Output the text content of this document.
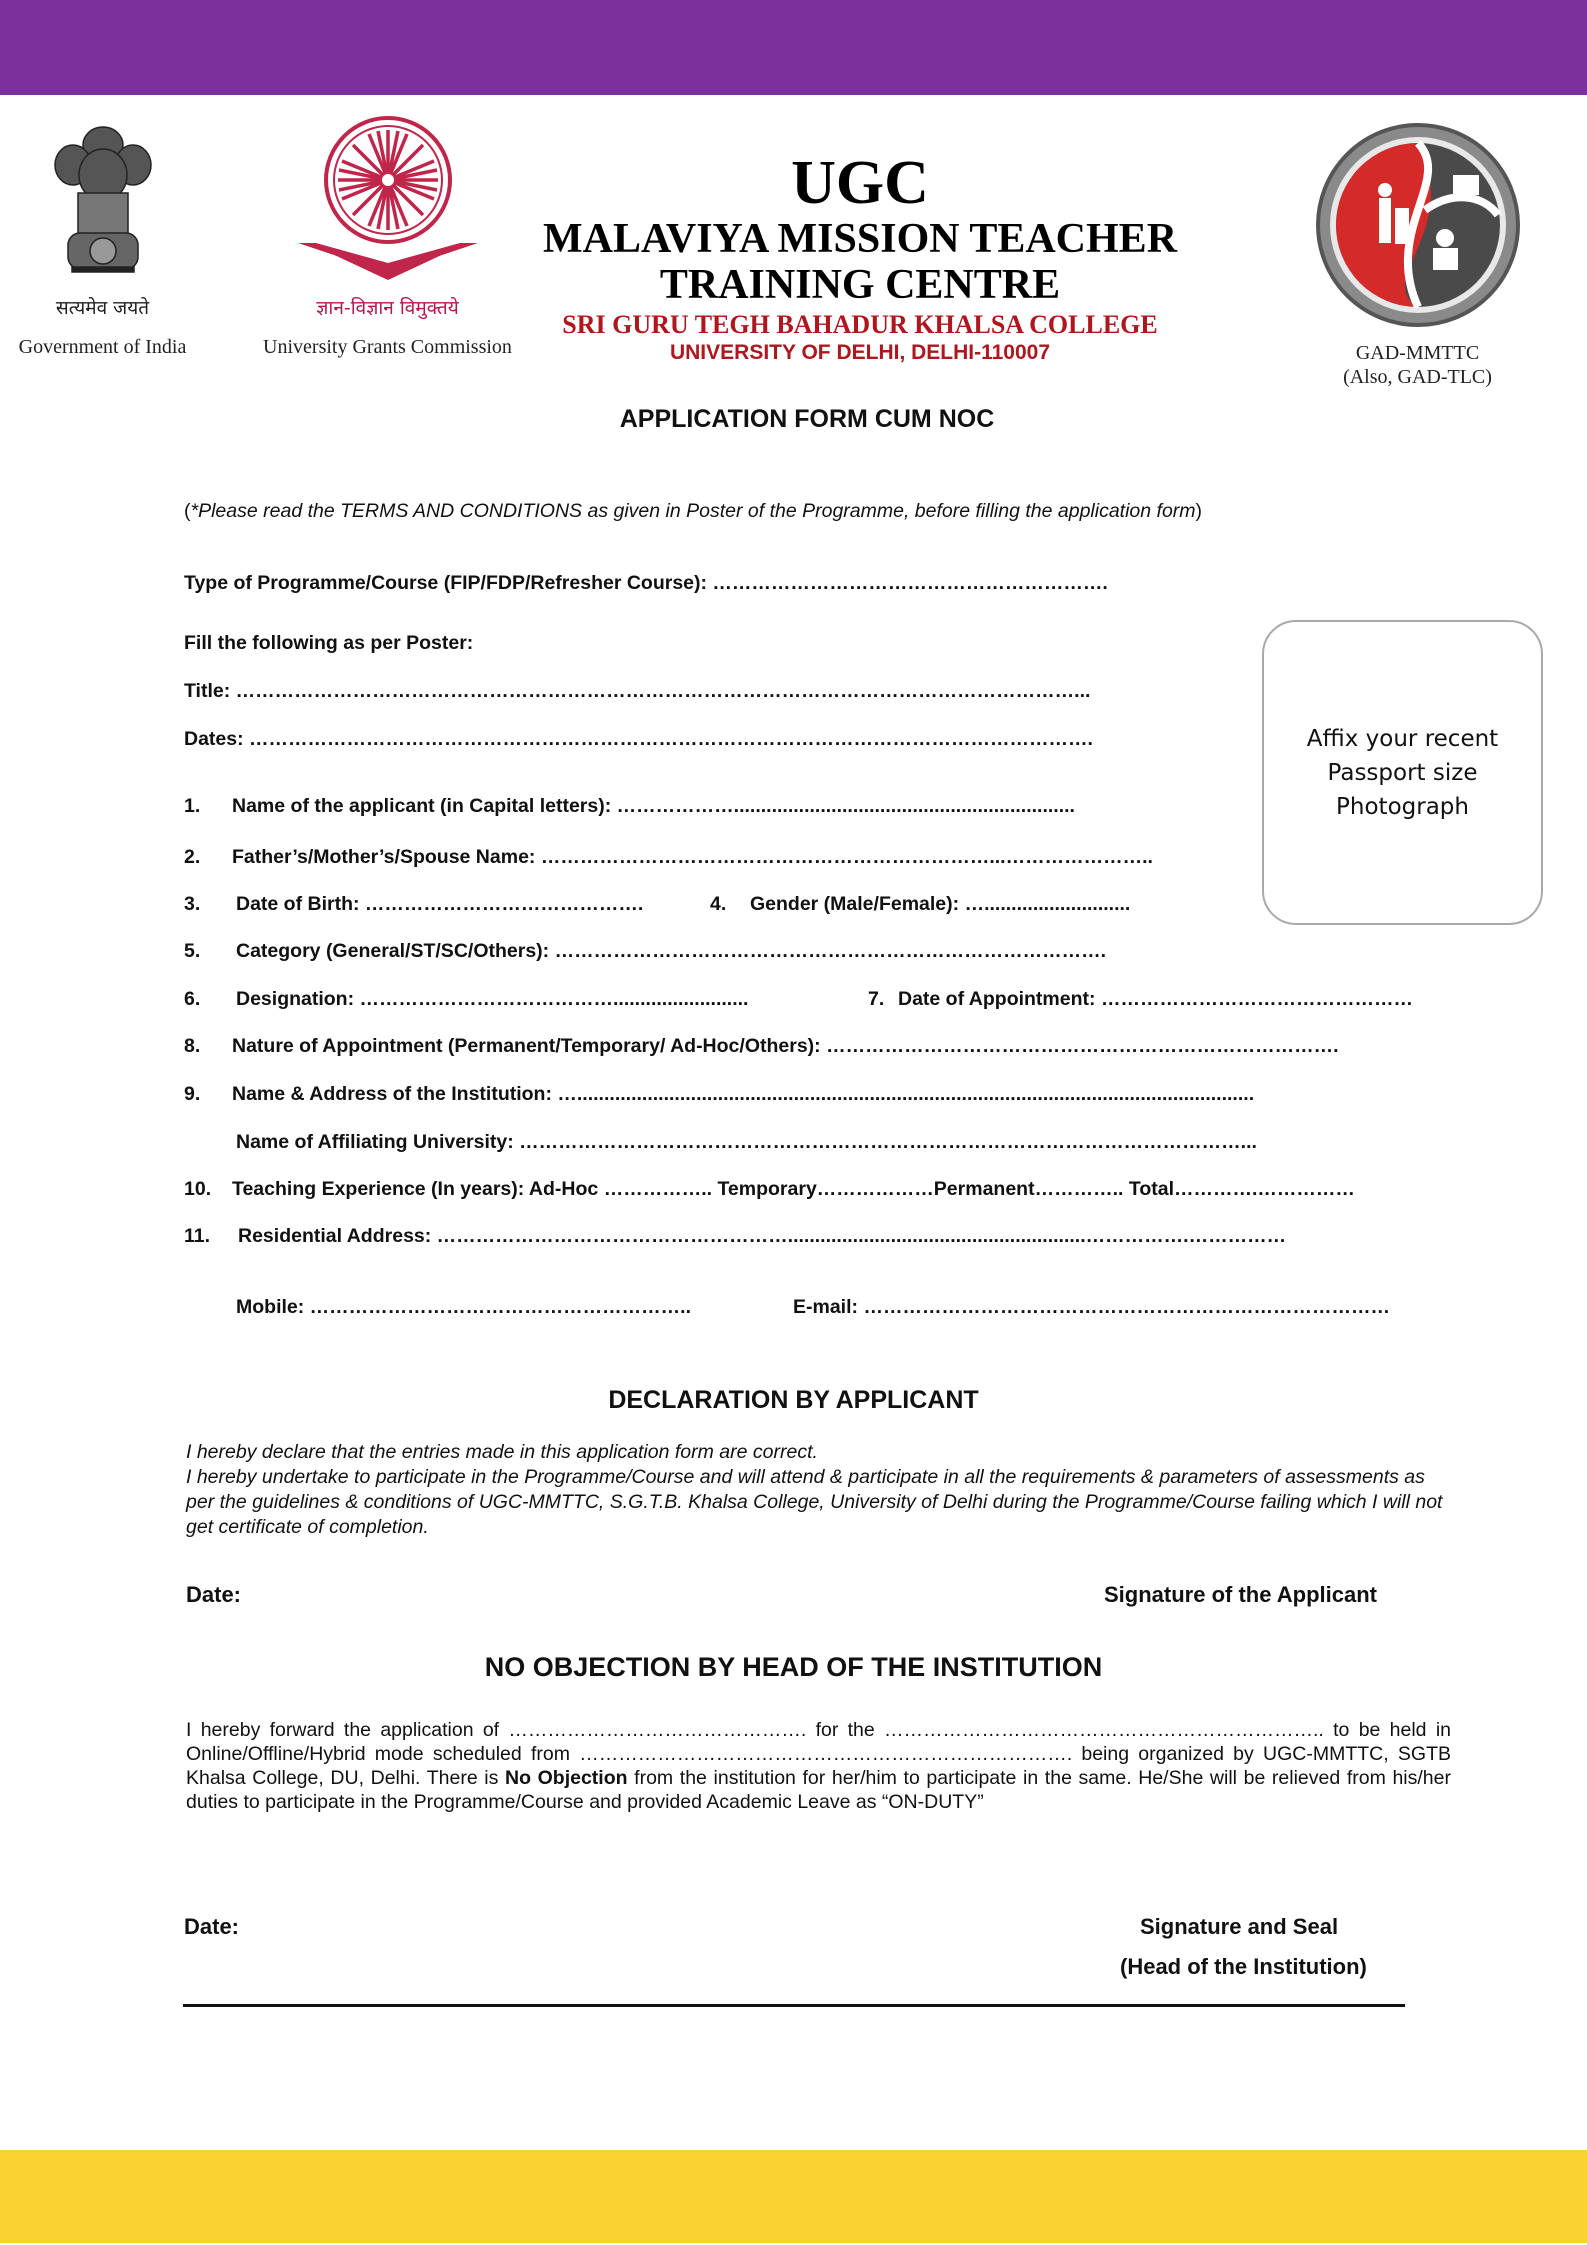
सत्यमेव जयते
Government of India
ज्ञान-विज्ञान विमुक्तये
University Grants Commission
UGC
MALAVIYA MISSION TEACHER
TRAINING CENTRE
SRI GURU TEGH BAHADUR KHALSA COLLEGE
UNIVERSITY OF DELHI, DELHI-110007	GAD-MMTTC
(Also, GAD-TLC)
APPLICATION FORM CUM NOC
(*Please read the TERMS AND CONDITIONS as given in Poster of the Programme, before filling the application form)
Type of Programme/Course (FIP/FDP/Refresher Course): …………………………………………………….
Fill the following as per Poster:
Title: …………………………………………………………………………………………………………………...
Dates: ………………………………………………………………………………………………………………….	Affix your recent Passport size Photograph
1. Name of the applicant (in Capital letters): ………………...............................................................
2. Father’s/Mother’s/Spouse Name: ……………………………………………………………...…………………..
3. Date of Birth: …………………………………….	4. Gender (Male/Female): …...........................
5. Category (General/ST/SC/Others): ………………………………………………………………………….
6. Designation: ………………………………….........................	7. Date of Appointment: …………………………………………
8. Nature of Appointment (Permanent/Temporary/ Ad-Hoc/Others): …………………………………………………………………….
9. Name & Address of the Institution: ….............................................................................................................................
Name of Affiliating University: …………………………………………………………………………………………………...
10. Teaching Experience (In years): Ad-Hoc …………….. Temporary………………Permanent………….. Total………….……………
11. Residential Address: ……………………………………………….......................................................…………….……………
Mobile: …………………………………………………..	E-mail: ………………………………………………………………………
DECLARATION BY APPLICANT
I hereby declare that the entries made in this application form are correct.
I hereby undertake to participate in the Programme/Course and will attend & participate in all the requirements & parameters of assessments as per the guidelines & conditions of UGC-MMTTC, S.G.T.B. Khalsa College, University of Delhi during the Programme/Course failing which I will not get certificate of completion.
Date:	Signature of the Applicant
NO OBJECTION BY HEAD OF THE INSTITUTION
I hereby forward the application of ………………………………………. for the ………………………………………………………….. to be held in Online/Offline/Hybrid mode scheduled from …………………………………………………………………. being organized by UGC-MMTTC, SGTB Khalsa College, DU, Delhi. There is No Objection from the institution for her/him to participate in the same. He/She will be relieved from his/her duties to participate in the Programme/Course and provided Academic Leave as “ON-DUTY”
Date:	Signature and Seal
(Head of the Institution)
